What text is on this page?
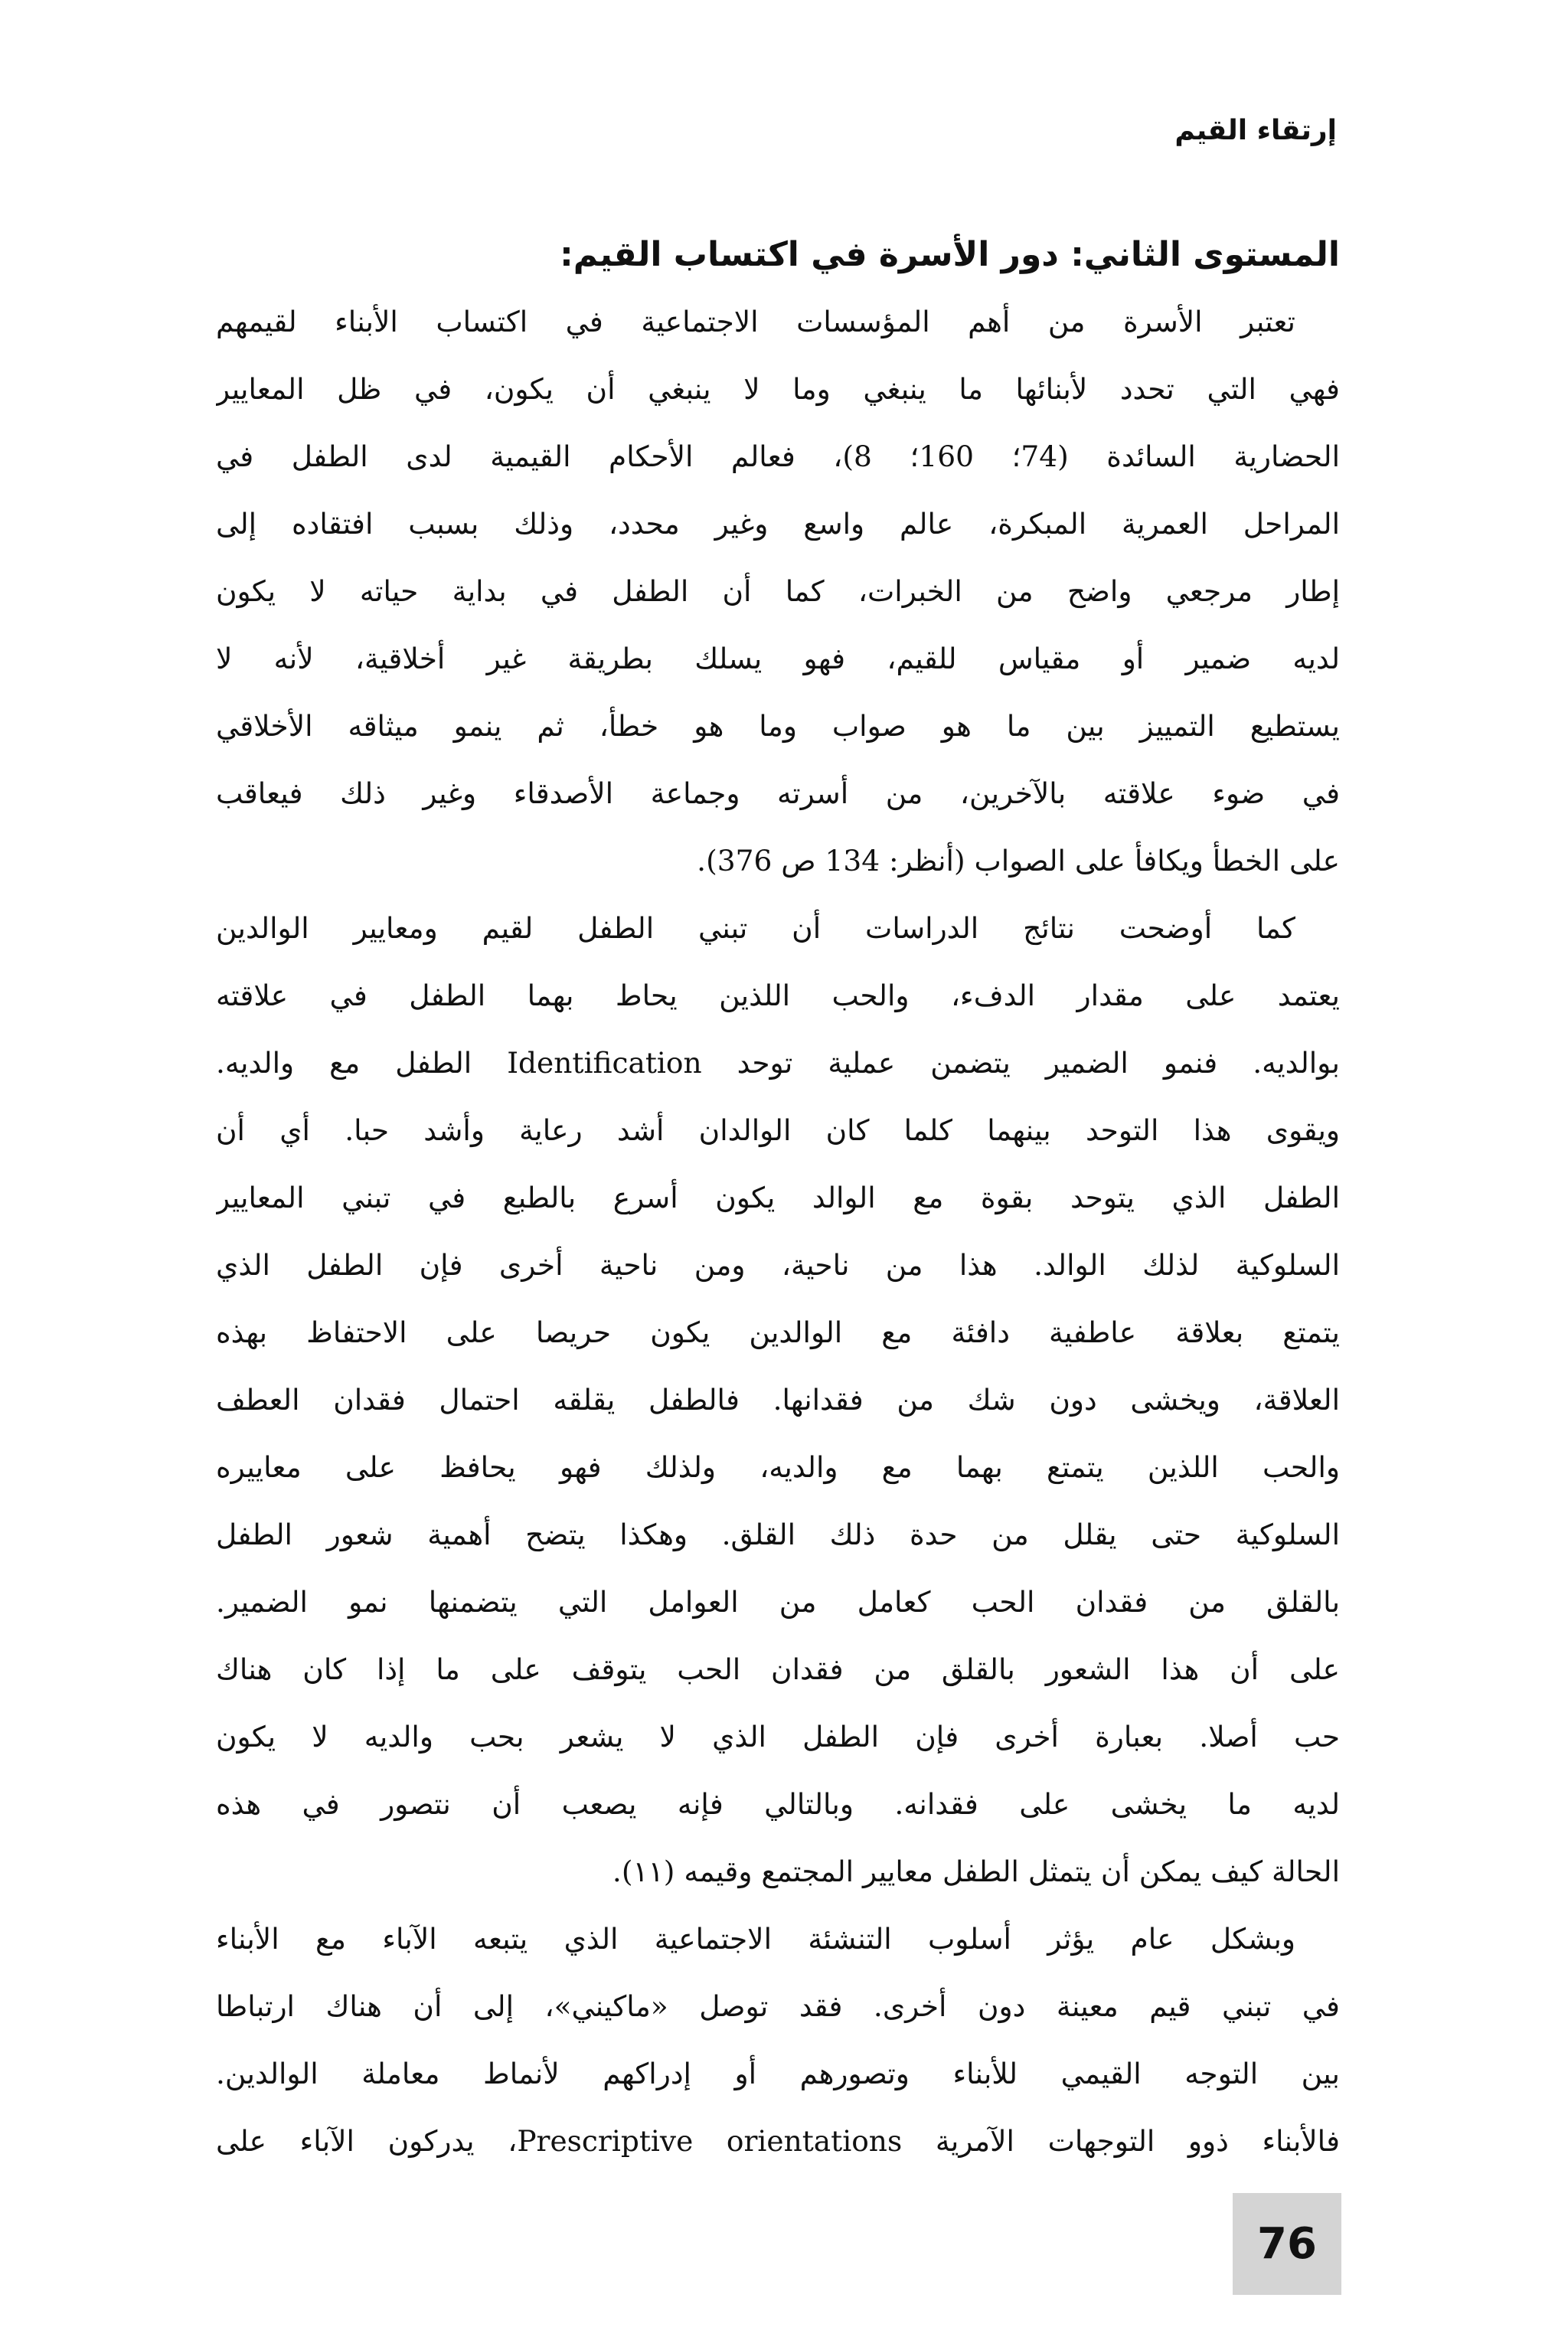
إرتقاء القيم
المستوى الثاني: دور الأسرة في اكتساب القيم:
تعتبر الأسرة من أهم المؤسسات الاجتماعية في اكتساب الأبناء لقيمهم
فهي التي تحدد لأبنائها ما ينبغي وما لا ينبغي أن يكون، في ظل المعايير
الحضارية السائدة (74؛ 160؛ 8)، فعالم الأحكام القيمية لدى الطفل في
المراحل العمرية المبكرة، عالم واسع وغير محدد، وذلك بسبب افتقاده إلى
إطار مرجعي واضح من الخبرات، كما أن الطفل في بداية حياته لا يكون
لديه ضمير أو مقياس للقيم، فهو يسلك بطريقة غير أخلاقية، لأنه لا
يستطيع التمييز بين ما هو صواب وما هو خطأ، ثم ينمو ميثاقه الأخلاقي
في ضوء علاقته بالآخرين، من أسرته وجماعة الأصدقاء وغير ذلك فيعاقب
على الخطأ ويكافأ على الصواب (أنظر: 134 ص 376).
كما أوضحت نتائج الدراسات أن تبني الطفل لقيم ومعايير الوالدين
يعتمد على مقدار الدفء، والحب اللذين يحاط بهما الطفل في علاقته
بوالديه. فنمو الضمير يتضمن عملية توحد Identification الطفل مع والديه.
ويقوى هذا التوحد بينهما كلما كان الوالدان أشد رعاية وأشد حبا. أي أن
الطفل الذي يتوحد بقوة مع الوالد يكون أسرع بالطبع في تبني المعايير
السلوكية لذلك الوالد. هذا من ناحية، ومن ناحية أخرى فإن الطفل الذي
يتمتع بعلاقة عاطفية دافئة مع الوالدين يكون حريصا على الاحتفاظ بهذه
العلاقة، ويخشى دون شك من فقدانها. فالطفل يقلقه احتمال فقدان العطف
والحب اللذين يتمتع بهما مع والديه، ولذلك فهو يحافظ على معاييره
السلوكية حتى يقلل من حدة ذلك القلق. وهكذا يتضح أهمية شعور الطفل
بالقلق من فقدان الحب كعامل من العوامل التي يتضمنها نمو الضمير.
على أن هذا الشعور بالقلق من فقدان الحب يتوقف على ما إذا كان هناك
حب أصلا. بعبارة أخرى فإن الطفل الذي لا يشعر بحب والديه لا يكون
لديه ما يخشى على فقدانه. وبالتالي فإنه يصعب أن نتصور في هذه
الحالة كيف يمكن أن يتمثل الطفل معايير المجتمع وقيمه (١١).
وبشكل عام يؤثر أسلوب التنشئة الاجتماعية الذي يتبعه الآباء مع الأبناء
في تبني قيم معينة دون أخرى. فقد توصل «ماكيني»، إلى أن هناك ارتباطا
بين التوجه القيمي للأبناء وتصورهم أو إدراكهم لأنماط معاملة الوالدين.
فالأبناء ذوو التوجهات الآمرية Prescriptive orientations، يدركون الآباء على
76
